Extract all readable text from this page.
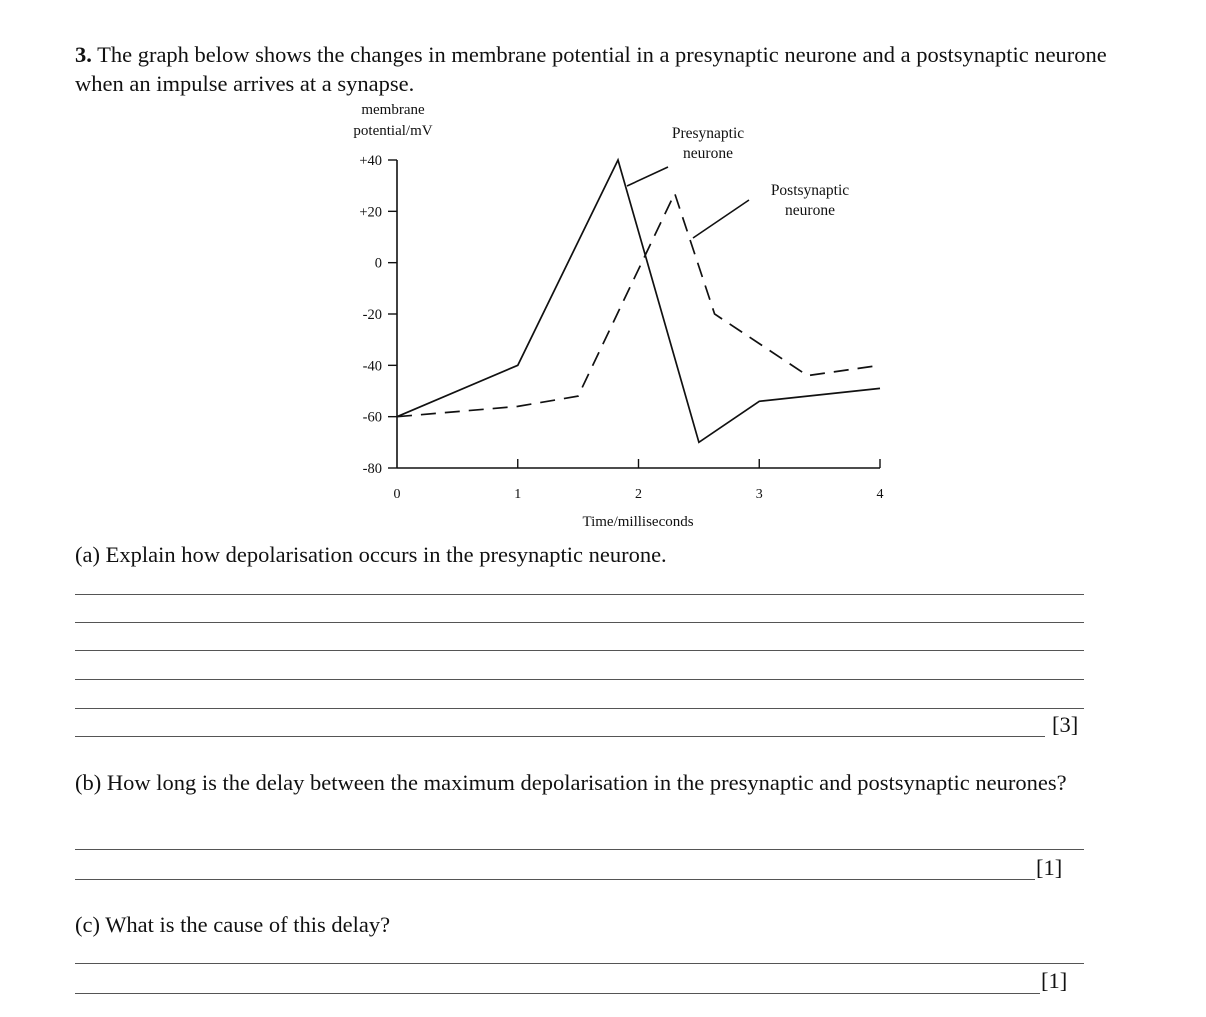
3. The graph below shows the changes in membrane potential in a presynaptic neurone and a postsynaptic neurone when an impulse arrives at a synapse.

membrane
potential/mV
Time/milliseconds
+40
+20
0
-20
-40
-60
-80
0	1	2	3	4
Presynaptic
neurone
Postsynaptic
neurone

(a) Explain how depolarisation occurs in the presynaptic neurone.

[3]

(b) How long is the delay between the maximum depolarisation in the presynaptic and postsynaptic neurones?

[1]

(c) What is the cause of this delay?

[1]
